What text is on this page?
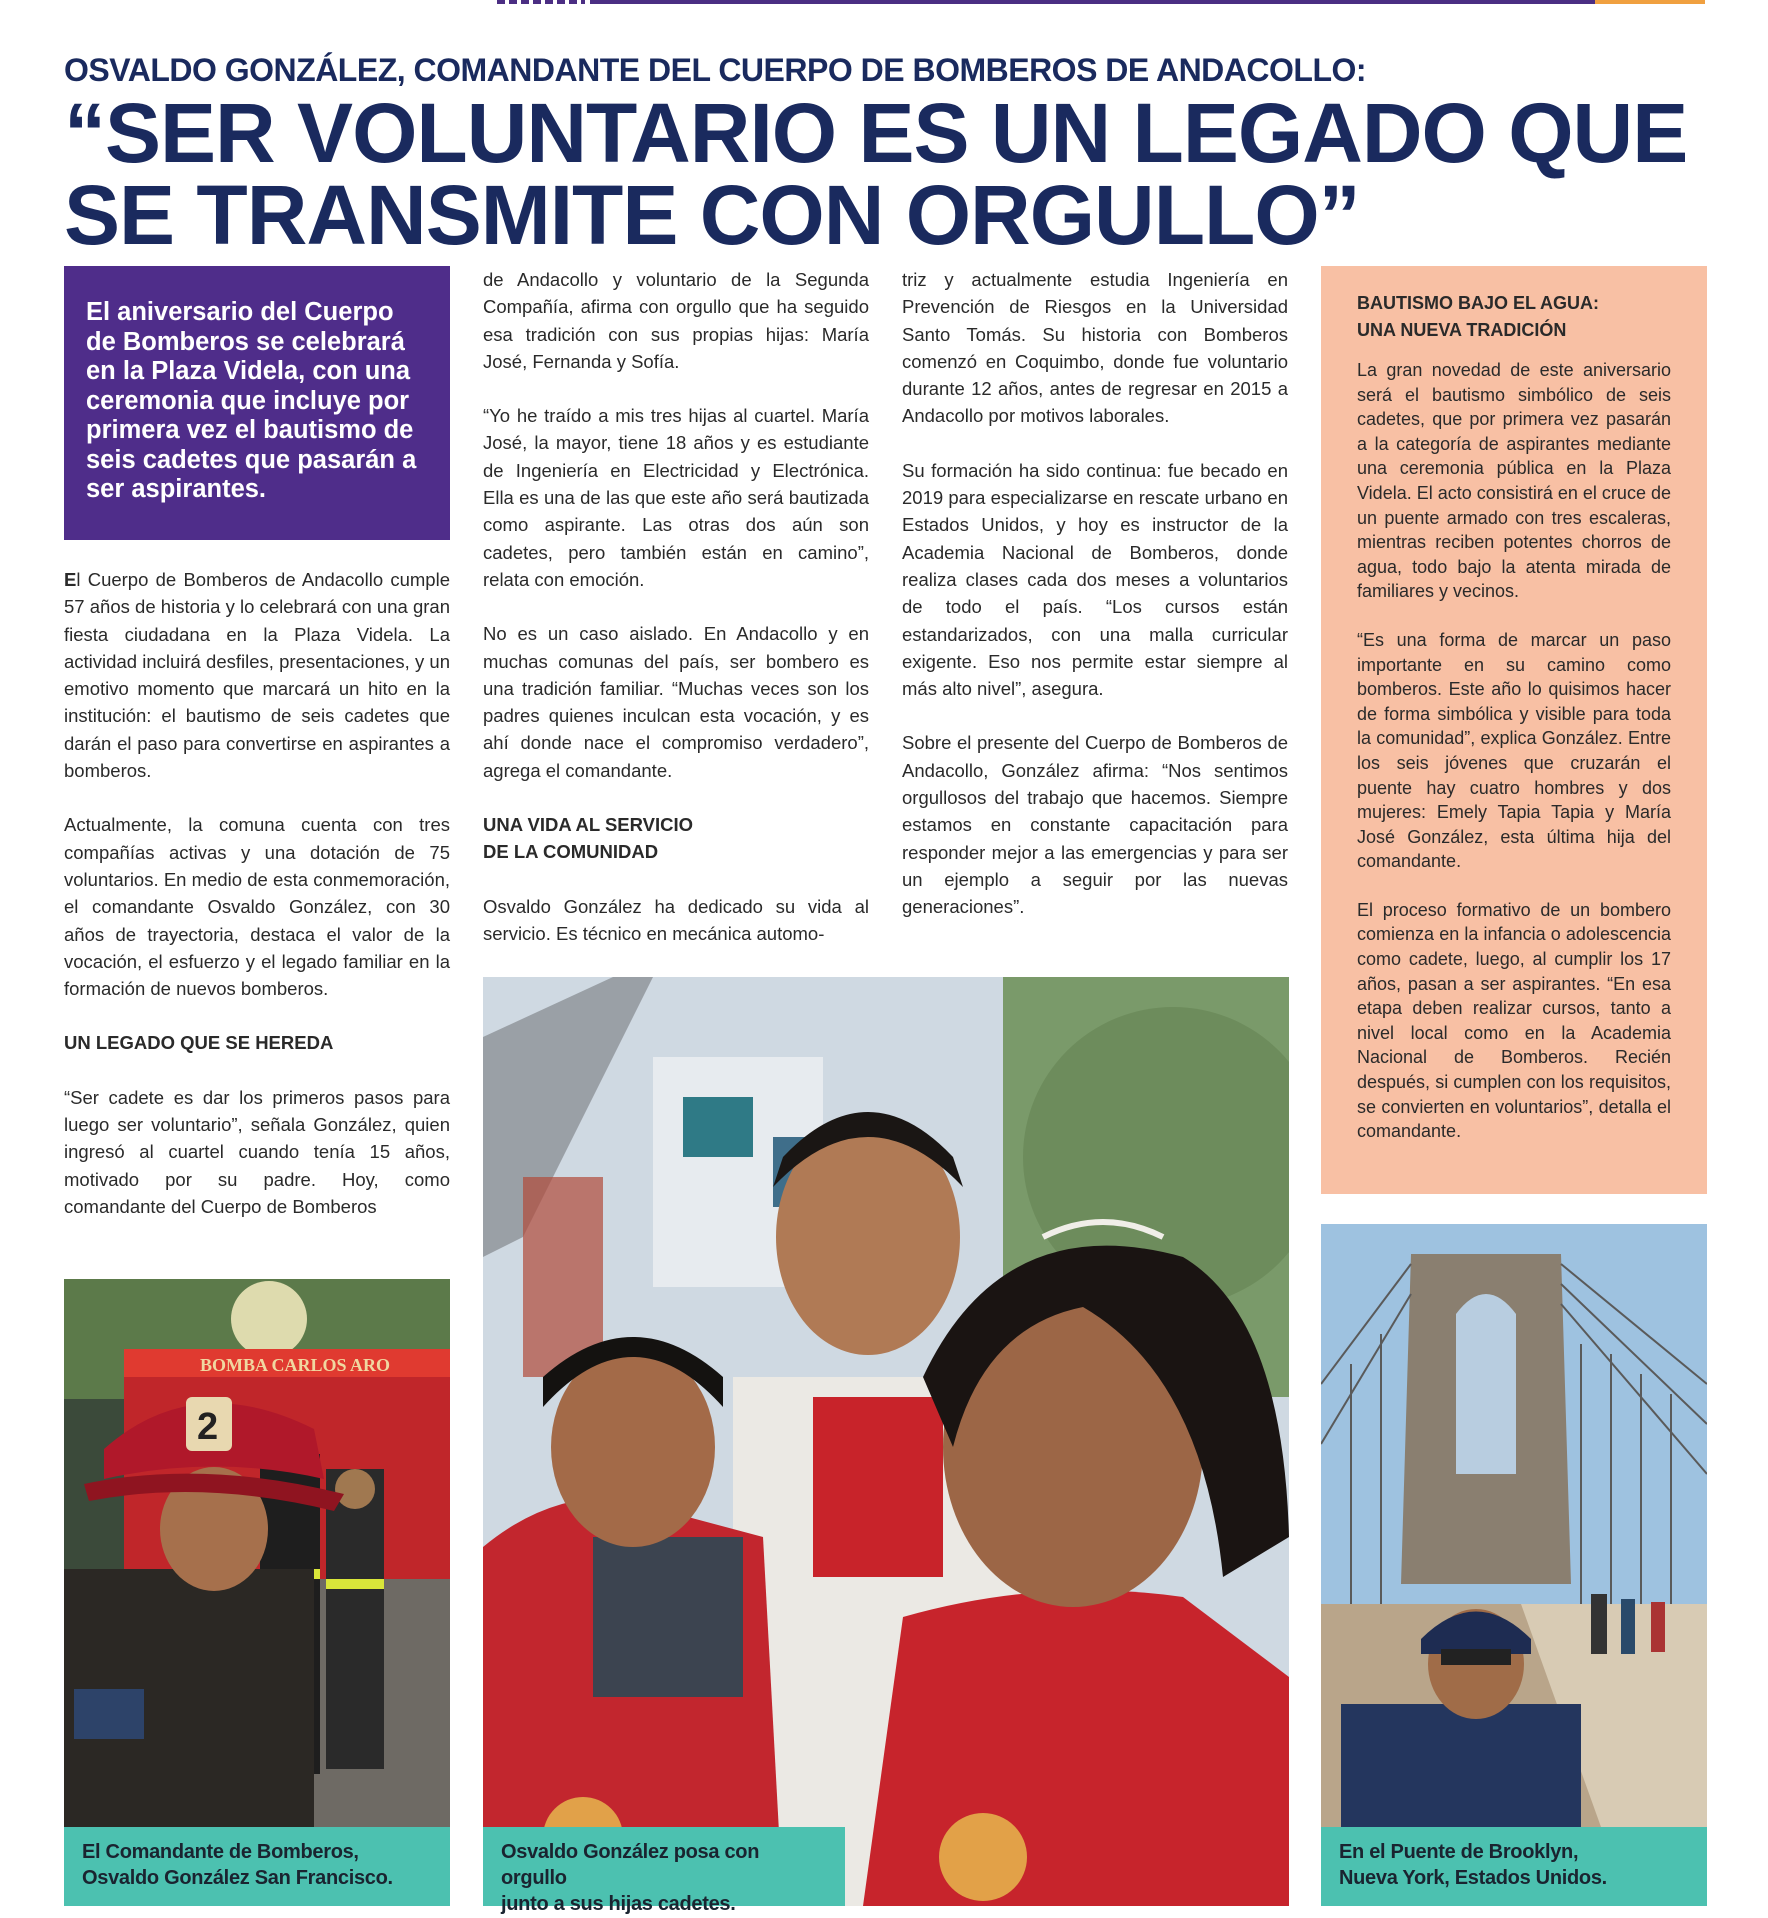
OSVALDO GONZÁLEZ, COMANDANTE DEL CUERPO DE BOMBEROS DE ANDACOLLO:
“SER VOLUNTARIO ES UN LEGADO QUE
SE TRANSMITE CON ORGULLO”
El aniversario del Cuerpo de Bomberos se celebrará en la Plaza Videla, con una ceremonia que incluye por primera vez el bautismo de seis cadetes que pasarán a ser aspirantes.

El Cuerpo de Bomberos de Andacollo cumple 57 años de historia y lo celebrará con una gran fiesta ciudadana en la Plaza Videla. La actividad incluirá desfiles, presentaciones, y un emotivo momento que marcará un hito en la institución: el bautismo de seis cadetes que darán el paso para convertirse en aspirantes a bomberos.

Actualmente, la comuna cuenta con tres compañías activas y una dotación de 75 voluntarios. En medio de esta conmemoración, el comandante Osvaldo González, con 30 años de trayectoria, destaca el valor de la vocación, el esfuerzo y el legado familiar en la formación de nuevos bomberos.

UN LEGADO QUE SE HEREDA

“Ser cadete es dar los primeros pasos para luego ser voluntario”, señala González, quien ingresó al cuartel cuando tenía 15 años, motivado por su padre. Hoy, como comandante del Cuerpo de Bomberos

de Andacollo y voluntario de la Segunda Compañía, afirma con orgullo que ha seguido esa tradición con sus propias hijas: María José, Fernanda y Sofía.

“Yo he traído a mis tres hijas al cuartel. María José, la mayor, tiene 18 años y es estudiante de Ingeniería en Electricidad y Electrónica. Ella es una de las que este año será bautizada como aspirante. Las otras dos aún son cadetes, pero también están en camino”, relata con emoción.

No es un caso aislado. En Andacollo y en muchas comunas del país, ser bombero es una tradición familiar. “Muchas veces son los padres quienes inculcan esta vocación, y es ahí donde nace el compromiso verdadero”, agrega el comandante.

UNA VIDA AL SERVICIO
DE LA COMUNIDAD

Osvaldo González ha dedicado su vida al servicio. Es técnico en mecánica automo-

triz y actualmente estudia Ingeniería en Prevención de Riesgos en la Universidad Santo Tomás. Su historia con Bomberos comenzó en Coquimbo, donde fue voluntario durante 12 años, antes de regresar en 2015 a Andacollo por motivos laborales.

Su formación ha sido continua: fue becado en 2019 para especializarse en rescate urbano en Estados Unidos, y hoy es instructor de la Academia Nacional de Bomberos, donde realiza clases cada dos meses a voluntarios de todo el país. “Los cursos están estandarizados, con una malla curricular exigente. Eso nos permite estar siempre al más alto nivel”, asegura.

Sobre el presente del Cuerpo de Bomberos de Andacollo, González afirma: “Nos sentimos orgullosos del trabajo que hacemos. Siempre estamos en constante capacitación para responder mejor a las emergencias y para ser un ejemplo a seguir por las nuevas generaciones”.

BAUTISMO BAJO EL AGUA:
UNA NUEVA TRADICIÓN

La gran novedad de este aniversario será el bautismo simbólico de seis cadetes, que por primera vez pasarán a la categoría de aspirantes mediante una ceremonia pública en la Plaza Videla. El acto consistirá en el cruce de un puente armado con tres escaleras, mientras reciben potentes chorros de agua, todo bajo la atenta mirada de familiares y vecinos.

“Es una forma de marcar un paso importante en su camino como bomberos. Este año lo quisimos hacer de forma simbólica y visible para toda la comunidad”, explica González. Entre los seis jóvenes que cruzarán el puente hay cuatro hombres y dos mujeres: Emely Tapia Tapia y María José González, esta última hija del comandante.

El proceso formativo de un bombero comienza en la infancia o adolescencia como cadete, luego, al cumplir los 17 años, pasan a ser aspirantes. “En esa etapa deben realizar cursos, tanto a nivel local como en la Academia Nacional de Bomberos. Recién después, si cumplen con los requisitos, se convierten en voluntarios”, detalla el comandante.

BOMBA CARLOS ARO
2
El Comandante de Bomberos,
Osvaldo González San Francisco.
Osvaldo González posa con orgullo
junto a sus hijas cadetes.
En el Puente de Brooklyn,
Nueva York, Estados Unidos.
